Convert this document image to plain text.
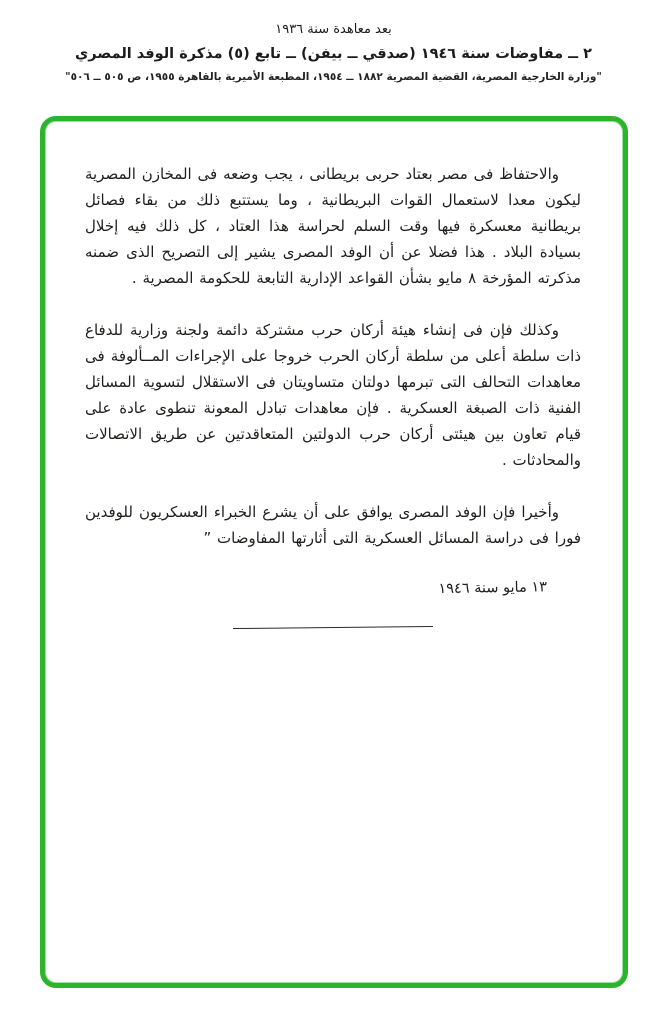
بعد معاهدة سنة ١٩٣٦
٢ ــ مفاوضات سنة ١٩٤٦ (صدقي ــ بيفن) ــ تابع (٥) مذكرة الوفد المصري
"وزارة الخارجية المصرية، القضية المصرية ١٨٨٢ ــ ١٩٥٤، المطبعة الأميرية بالقاهرة ١٩٥٥، ص ٥٠٥ ــ ٥٠٦"

والاحتفاظ فى مصر بعتاد حربى بريطانى ، يجب وضعه فى المخازن المصرية ليكون معدا لاستعمال القوات البريطانية ، وما يستتبع ذلك من بقاء فصائل بريطانية معسكرة فيها وقت السلم لحراسة هذا العتاد ، كل ذلك فيه إخلال بسيادة البلاد . هذا فضلا عن أن الوفد المصرى يشير إلى التصريح الذى ضمنه مذكرته المؤرخة ٨ مايو بشأن القواعد الإدارية التابعة للحكومة المصرية .

وكذلك فإن فى إنشاء هيئة أركان حرب مشتركة دائمة ولجنة وزارية للدفاع ذات سلطة أعلى من سلطة أركان الحرب خروجا على الإجراءات المــألوفة فى معاهدات التحالف التى تبرمها دولتان متساويتان فى الاستقلال لتسوية المسائل الفنية ذات الصبغة العسكرية . فإن معاهدات تبادل المعونة تنطوى عادة على قيام تعاون بين هيئتى أركان حرب الدولتين المتعاقدتين عن طريق الاتصالات والمحادثات .

وأخيرا فإن الوفد المصرى يوافق على أن يشرع الخبراء العسكريون للوفدين فورا فى دراسة المسائل العسكرية التى أثارتها المفاوضات ”

١٣ مايو سنة ١٩٤٦
